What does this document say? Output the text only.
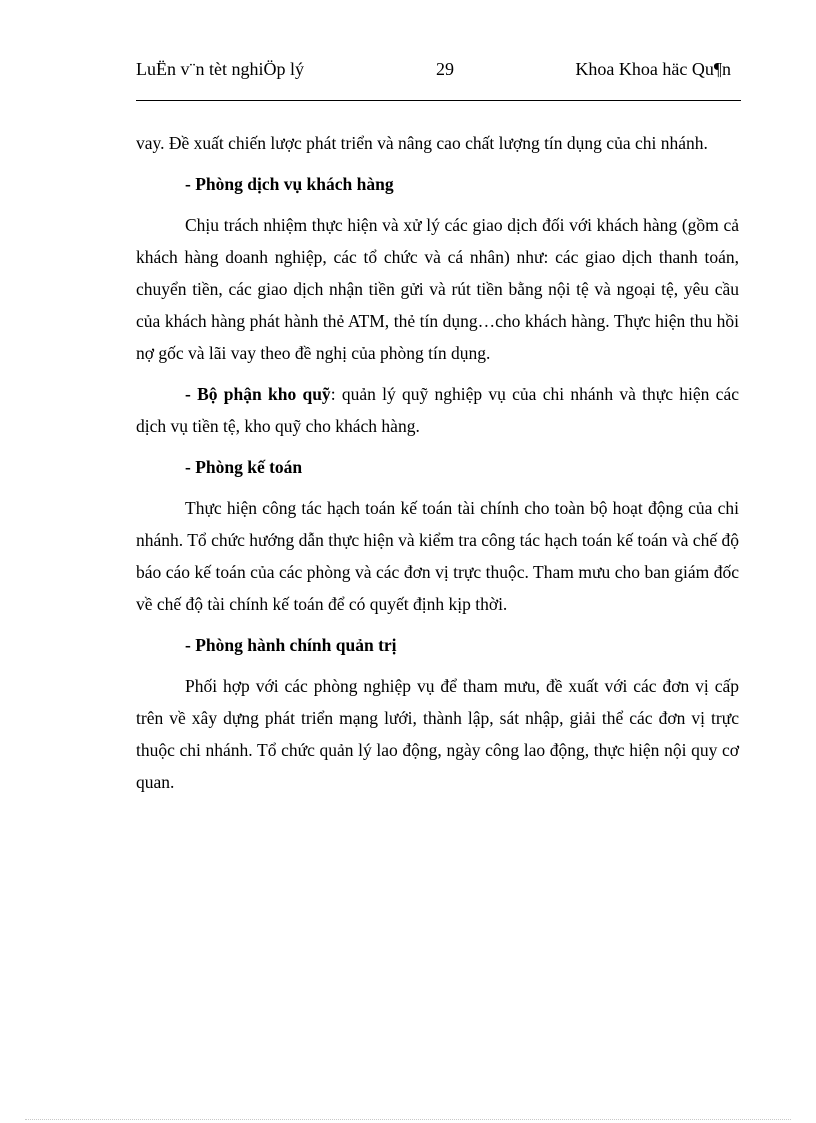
LuËn v¨n tèt nghiÖp lý	29	Khoa Khoa häc Qu¶n

vay. Đề xuất chiến lược phát triển và nâng cao chất lượng tín dụng của chi nhánh.

- Phòng dịch vụ khách hàng

Chịu trách nhiệm thực hiện và xử lý các giao dịch đối với khách hàng (gồm cả khách hàng doanh nghiệp, các tổ chức và cá nhân) như: các giao dịch thanh toán, chuyển tiền, các giao dịch nhận tiền gửi và rút tiền bằng nội tệ và ngoại tệ, yêu cầu của khách hàng phát hành thẻ ATM, thẻ tín dụng…cho khách hàng. Thực hiện thu hồi nợ gốc và lãi vay theo đề nghị của phòng tín dụng.

- Bộ phận kho quỹ: quản lý quỹ nghiệp vụ của chi nhánh và thực hiện các dịch vụ tiền tệ, kho quỹ cho khách hàng.

- Phòng kế toán

Thực hiện công tác hạch toán kế toán tài chính cho toàn bộ hoạt động của chi nhánh. Tổ chức hướng dẫn thực hiện và kiểm tra công tác hạch toán kế toán và chế độ báo cáo kế toán của các phòng và các đơn vị trực thuộc. Tham mưu cho ban giám đốc về chế độ tài chính kế toán để có quyết định kịp thời.

- Phòng hành chính quản trị

Phối hợp với các phòng nghiệp vụ để tham mưu, đề xuất với các đơn vị cấp trên về xây dựng phát triển mạng lưới, thành lập, sát nhập, giải thể các đơn vị trực thuộc chi nhánh. Tổ chức quản lý lao động, ngày công lao động, thực hiện nội quy cơ quan.
